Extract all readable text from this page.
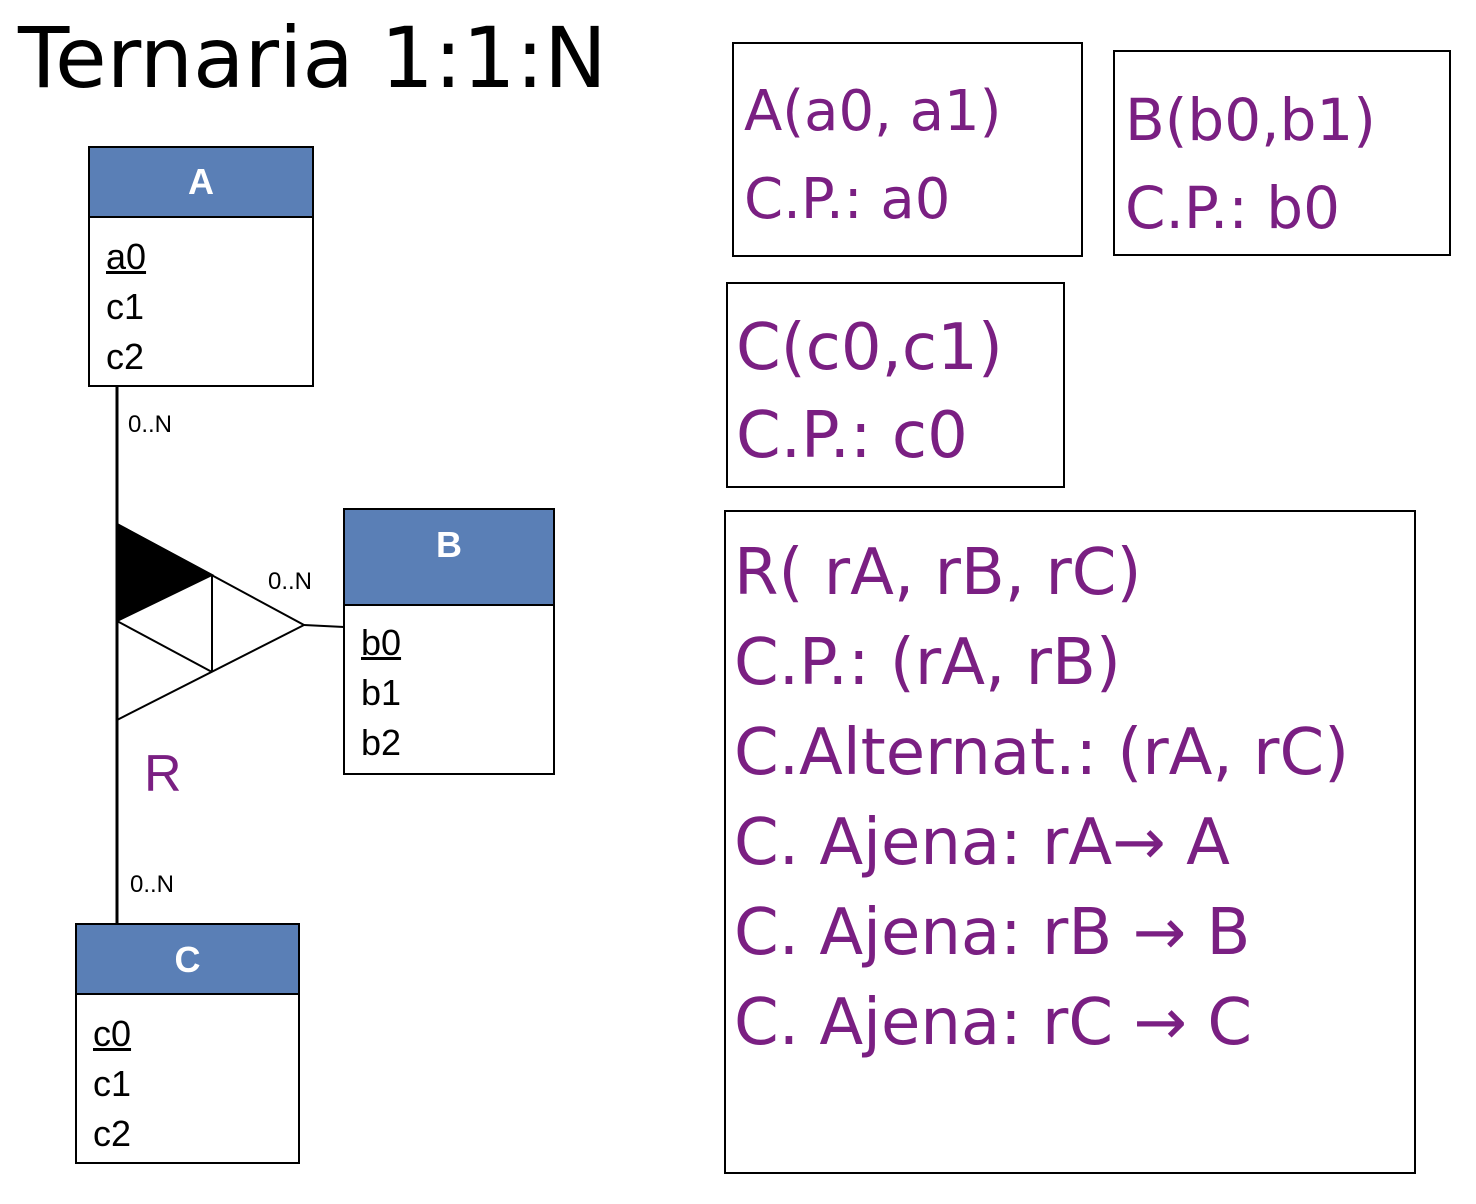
Ternaria 1:1:N
A
a0
c1
c2
B
b0
b1
b2
C
c0
c1
c2
0..N
0..N
0..N
R
A(a0, a1)
C.P.: a0
B(b0,b1)
C.P.: b0
C(c0,c1)
C.P.: c0
R( rA, rB, rC)
C.P.: (rA, rB)
C.Alternat.: (rA, rC)
C. Ajena: rA→ A
C. Ajena: rB → B
C. Ajena: rC → C
